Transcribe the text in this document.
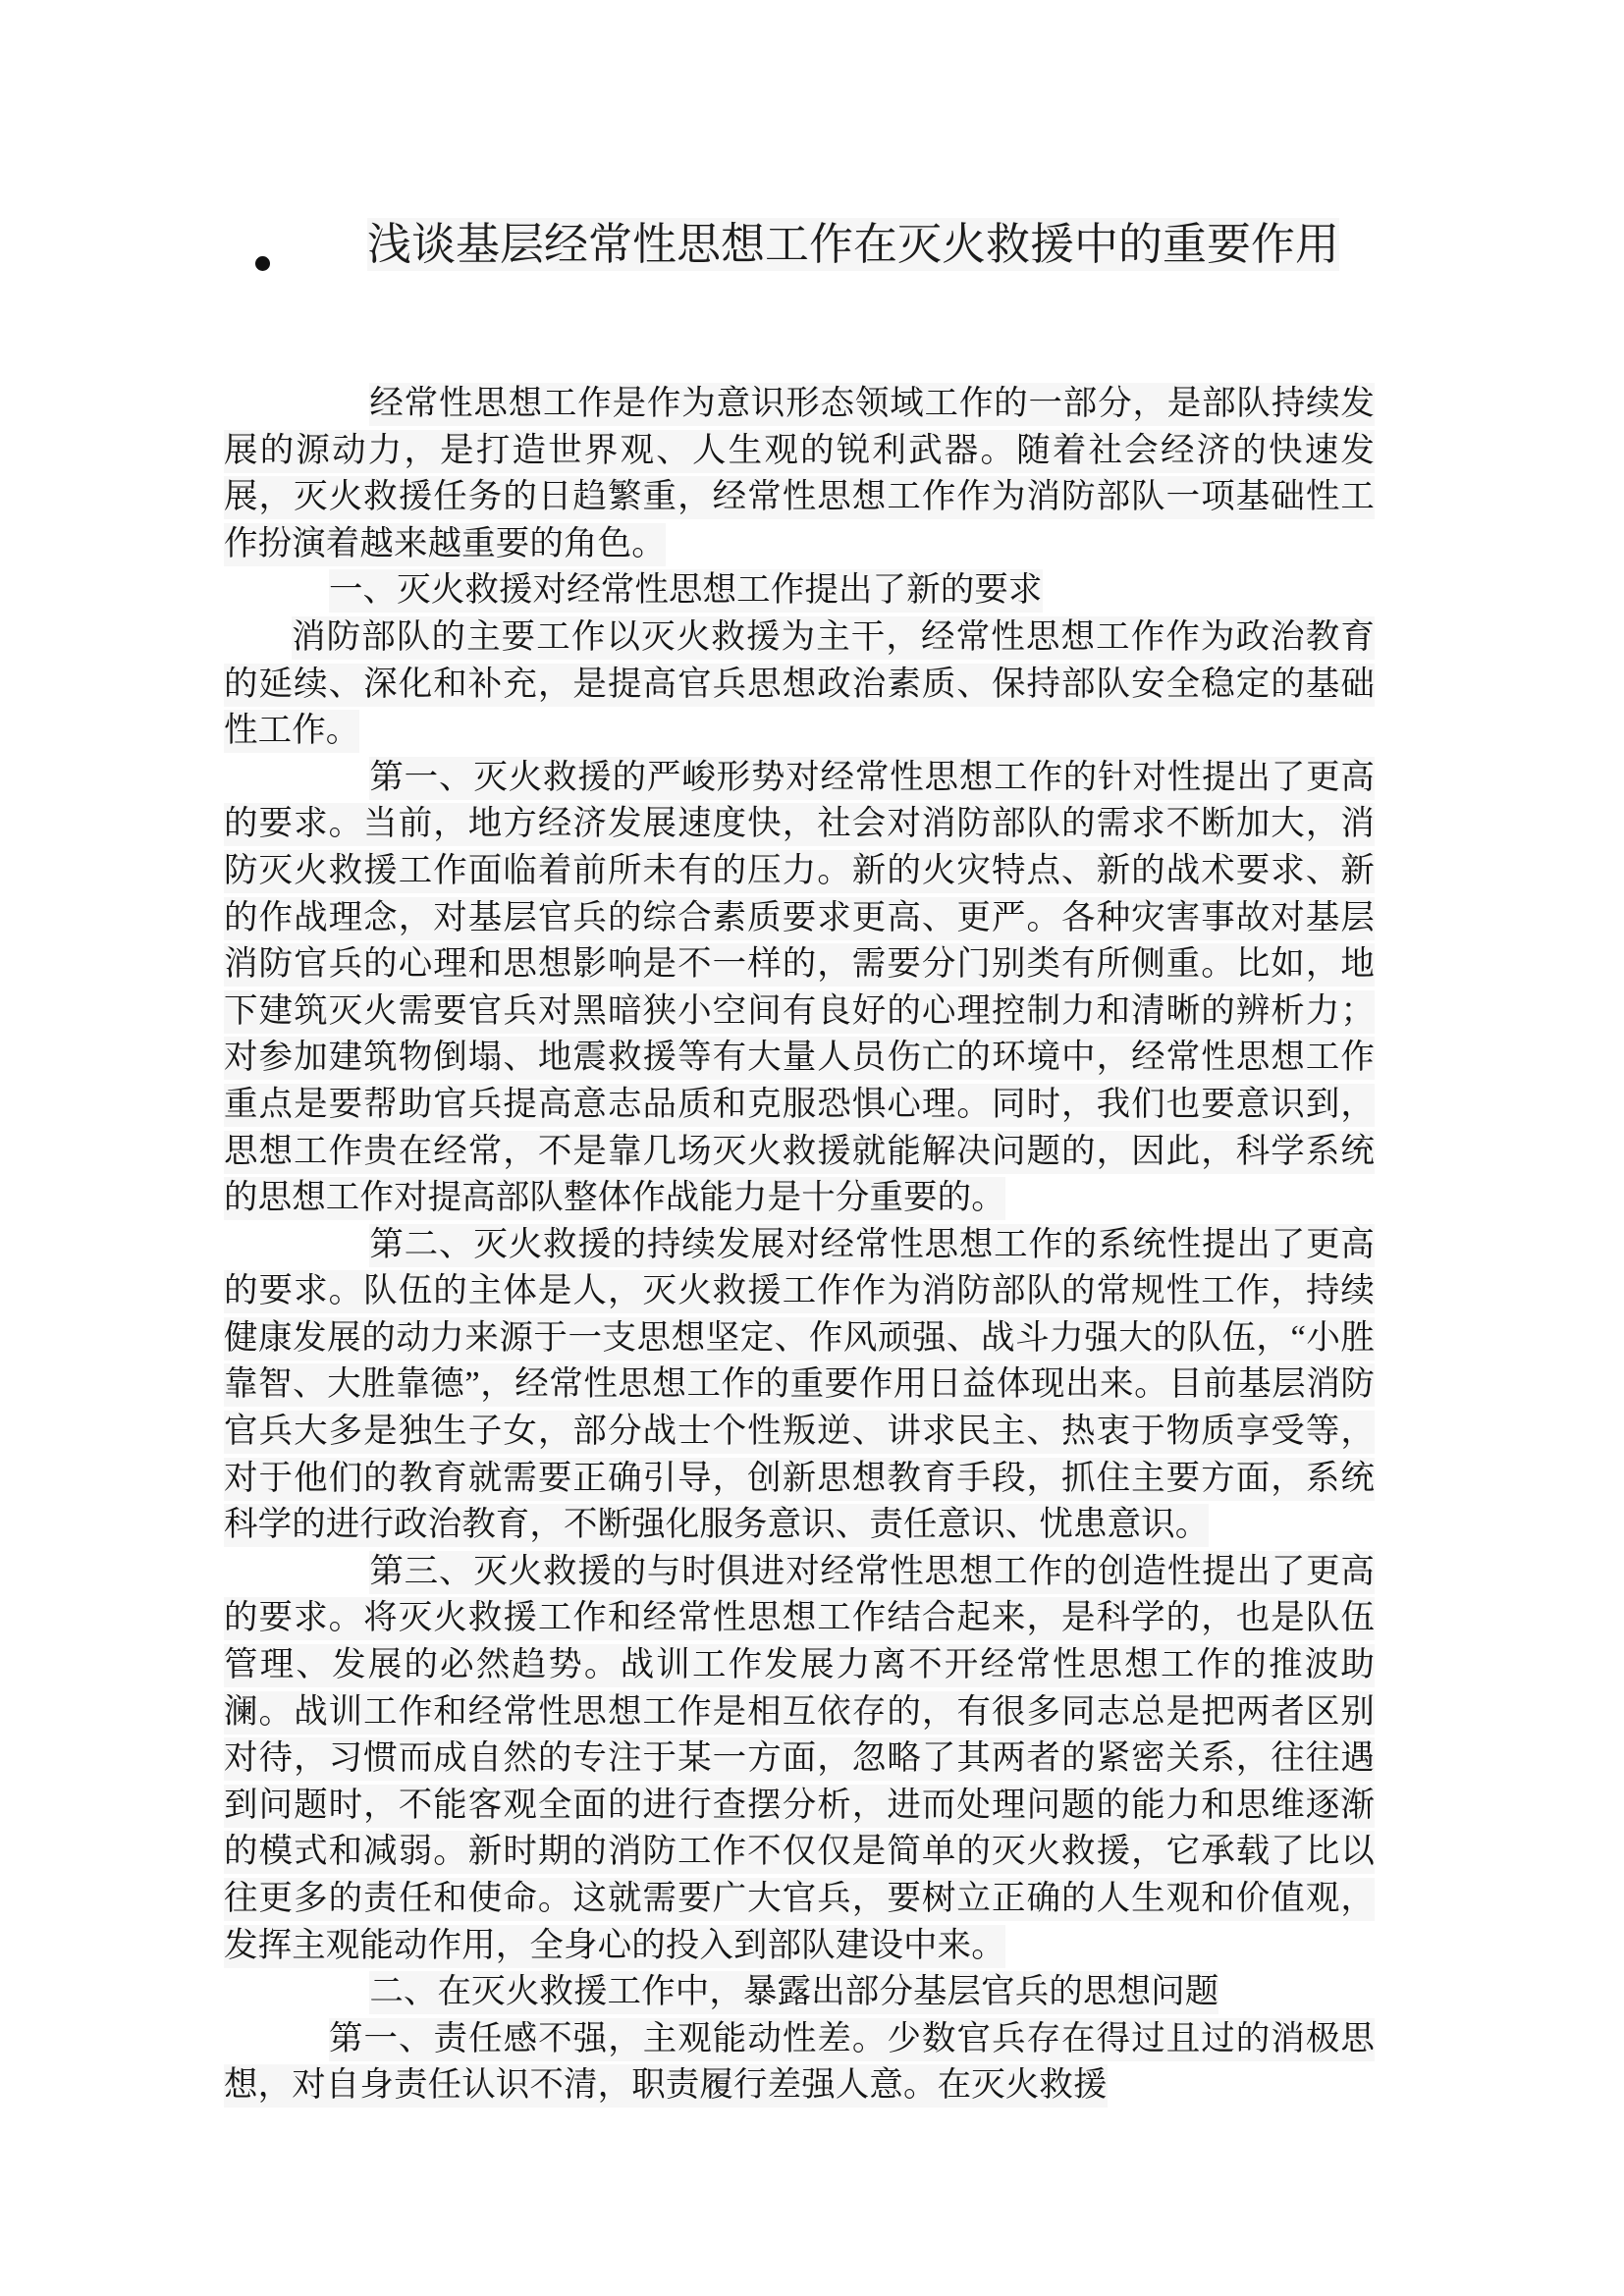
浅谈基层经常性思想工作在灭火救援中的重要作用

经常性思想工作是作为意识形态领域工作的一部分，是部队持续发展的源动力，是打造世界观、人生观的锐利武器。随着社会经济的快速发展，灭火救援任务的日趋繁重，经常性思想工作作为消防部队一项基础性工作扮演着越来越重要的角色。

一、灭火救援对经常性思想工作提出了新的要求

消防部队的主要工作以灭火救援为主干，经常性思想工作作为政治教育的延续、深化和补充，是提高官兵思想政治素质、保持部队安全稳定的基础性工作。

第一、灭火救援的严峻形势对经常性思想工作的针对性提出了更高的要求。当前，地方经济发展速度快，社会对消防部队的需求不断加大，消防灭火救援工作面临着前所未有的压力。新的火灾特点、新的战术要求、新的作战理念，对基层官兵的综合素质要求更高、更严。各种灾害事故对基层消防官兵的心理和思想影响是不一样的，需要分门别类有所侧重。比如，地下建筑灭火需要官兵对黑暗狭小空间有良好的心理控制力和清晰的辨析力；对参加建筑物倒塌、地震救援等有大量人员伤亡的环境中，经常性思想工作重点是要帮助官兵提高意志品质和克服恐惧心理。同时，我们也要意识到，思想工作贵在经常，不是靠几场灭火救援就能解决问题的，因此，科学系统的思想工作对提高部队整体作战能力是十分重要的。

第二、灭火救援的持续发展对经常性思想工作的系统性提出了更高的要求。队伍的主体是人，灭火救援工作作为消防部队的常规性工作，持续健康发展的动力来源于一支思想坚定、作风顽强、战斗力强大的队伍，“小胜靠智、大胜靠德”，经常性思想工作的重要作用日益体现出来。目前基层消防官兵大多是独生子女，部分战士个性叛逆、讲求民主、热衷于物质享受等，对于他们的教育就需要正确引导，创新思想教育手段，抓住主要方面，系统科学的进行政治教育，不断强化服务意识、责任意识、忧患意识。

第三、灭火救援的与时俱进对经常性思想工作的创造性提出了更高的要求。将灭火救援工作和经常性思想工作结合起来，是科学的，也是队伍管理、发展的必然趋势。战训工作发展力离不开经常性思想工作的推波助澜。战训工作和经常性思想工作是相互依存的，有很多同志总是把两者区别对待，习惯而成自然的专注于某一方面，忽略了其两者的紧密关系，往往遇到问题时，不能客观全面的进行查摆分析，进而处理问题的能力和思维逐渐的模式和减弱。新时期的消防工作不仅仅是简单的灭火救援，它承载了比以往更多的责任和使命。这就需要广大官兵，要树立正确的人生观和价值观，发挥主观能动作用，全身心的投入到部队建设中来。

二、在灭火救援工作中，暴露出部分基层官兵的思想问题

第一、责任感不强，主观能动性差。少数官兵存在得过且过的消极思想，对自身责任认识不清，职责履行差强人意。在灭火救援
